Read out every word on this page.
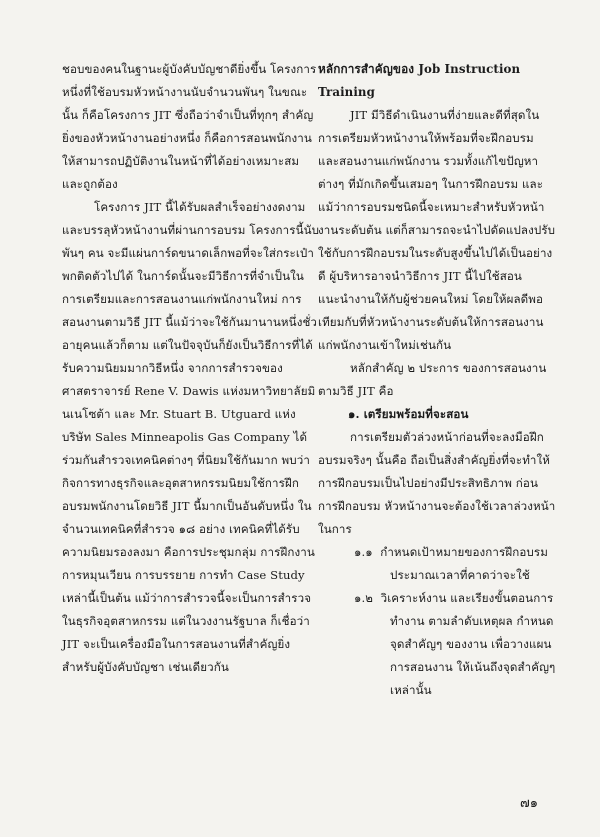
ชอบของคนในฐานะผู้บังคับบัญชาดียิ่งขึ้น โครงการหนึ่งที่ใช้อบรมหัวหน้างานนับจำนวนพันๆ ในขณะนั้น ก็คือโครงการ JIT ซึ่งถือว่าจำเป็นที่ทุกๆ สำคัญยิ่งของหัวหน้างานอย่างหนึ่ง ก็คือการสอนพนักงานให้สามารถปฏิบัติงานในหน้าที่ได้อย่างเหมาะสมและถูกต้อง

โครงการ JIT นี้ได้รับผลสำเร็จอย่างงดงามและบรรลุหัวหน้างานที่ผ่านการอบรม โครงการนี้นับพันๆ คน จะมีแผ่นการ์ดขนาดเล็กพอที่จะใส่กระเป๋าพกติดตัวไปได้ ในการ์ดนั้นจะมีวิธีการที่จำเป็นในการเตรียมและการสอนงานแก่พนักงานใหม่ การสอนงานตามวิธี JIT นี้แม้ว่าจะใช้กันมานานหนึ่งชั่วอายุคนแล้วก็ตาม แต่ในปัจจุบันก็ยังเป็นวิธีการที่ได้รับความนิยมมากวิธีหนึ่ง จากการสำรวจของศาสตราจารย์ Rene V. Dawis แห่งมหาวิทยาลัยมินเนโซต้า และ Mr. Stuart B. Utguard แห่งบริษัท Sales Minneapolis Gas Company ได้ร่วมกันสำรวจเทคนิคต่างๆ ที่นิยมใช้กันมาก พบว่ากิจการทางธุรกิจและอุตสาหกรรมนิยมใช้การฝึกอบรมพนักงานโดยวิธี JIT นี้มากเป็นอันดับหนึ่ง ในจำนวนเทคนิคที่สำรวจ ๑๘ อย่าง เทคนิคที่ได้รับความนิยมรองลงมา คือการประชุมกลุ่ม การฝึกงาน การหมุนเวียน การบรรยาย การทำ Case Study เหล่านี้เป็นต้น แม้ว่าการสำรวจนี้จะเป็นการสำรวจในธุรกิจอุตสาหกรรม แต่ในวงงานรัฐบาล ก็เชื่อว่า JIT จะเป็นเครื่องมือในการสอนงานที่สำคัญยิ่งสำหรับผู้บังคับบัญชา เช่นเดียวกัน

หลักการสำคัญของ Job Instruction Training

JIT มีวิธีดำเนินงานที่ง่ายและดีที่สุดในการเตรียมหัวหน้างานให้พร้อมที่จะฝึกอบรม และสอนงานแก่พนักงาน รวมทั้งแก้ไขปัญหาต่างๆ ที่มักเกิดขึ้นเสมอๆ ในการฝึกอบรม และแม้ว่าการอบรมชนิดนี้จะเหมาะสำหรับหัวหน้างานระดับต้น แต่ก็สามารถจะนำไปดัดแปลงปรับใช้กับการฝึกอบรมในระดับสูงขึ้นไปได้เป็นอย่างดี ผู้บริหารอาจนำวิธีการ JIT นี้ไปใช้สอนแนะนำงานให้กับผู้ช่วยคนใหม่ โดยให้ผลดีพอเทียมกับที่หัวหน้างานระดับต้นให้การสอนงานแก่พนักงานเข้าใหม่เช่นกัน

หลักสำคัญ ๒ ประการ ของการสอนงานตามวิธี JIT คือ

๑. เตรียมพร้อมที่จะสอน

การเตรียมตัวล่วงหน้าก่อนที่จะลงมือฝึกอบรมจริงๆ นั้นคือ ถือเป็นสิ่งสำคัญยิ่งที่จะทำให้การฝึกอบรมเป็นไปอย่างมีประสิทธิภาพ ก่อนการฝึกอบรม หัวหน้างานจะต้องใช้เวลาล่วงหน้าในการ

๑.๑ กำหนดเป้าหมายของการฝึกอบรมประมาณเวลาที่คาดว่าจะใช้

๑.๒ วิเคราะห์งาน และเรียงขั้นตอนการทำงาน ตามลำดับเหตุผล กำหนดจุดสำคัญๆ ของงาน เพื่อวางแผนการสอนงาน ให้เน้นถึงจุดสำคัญๆ เหล่านั้น

๗๑
